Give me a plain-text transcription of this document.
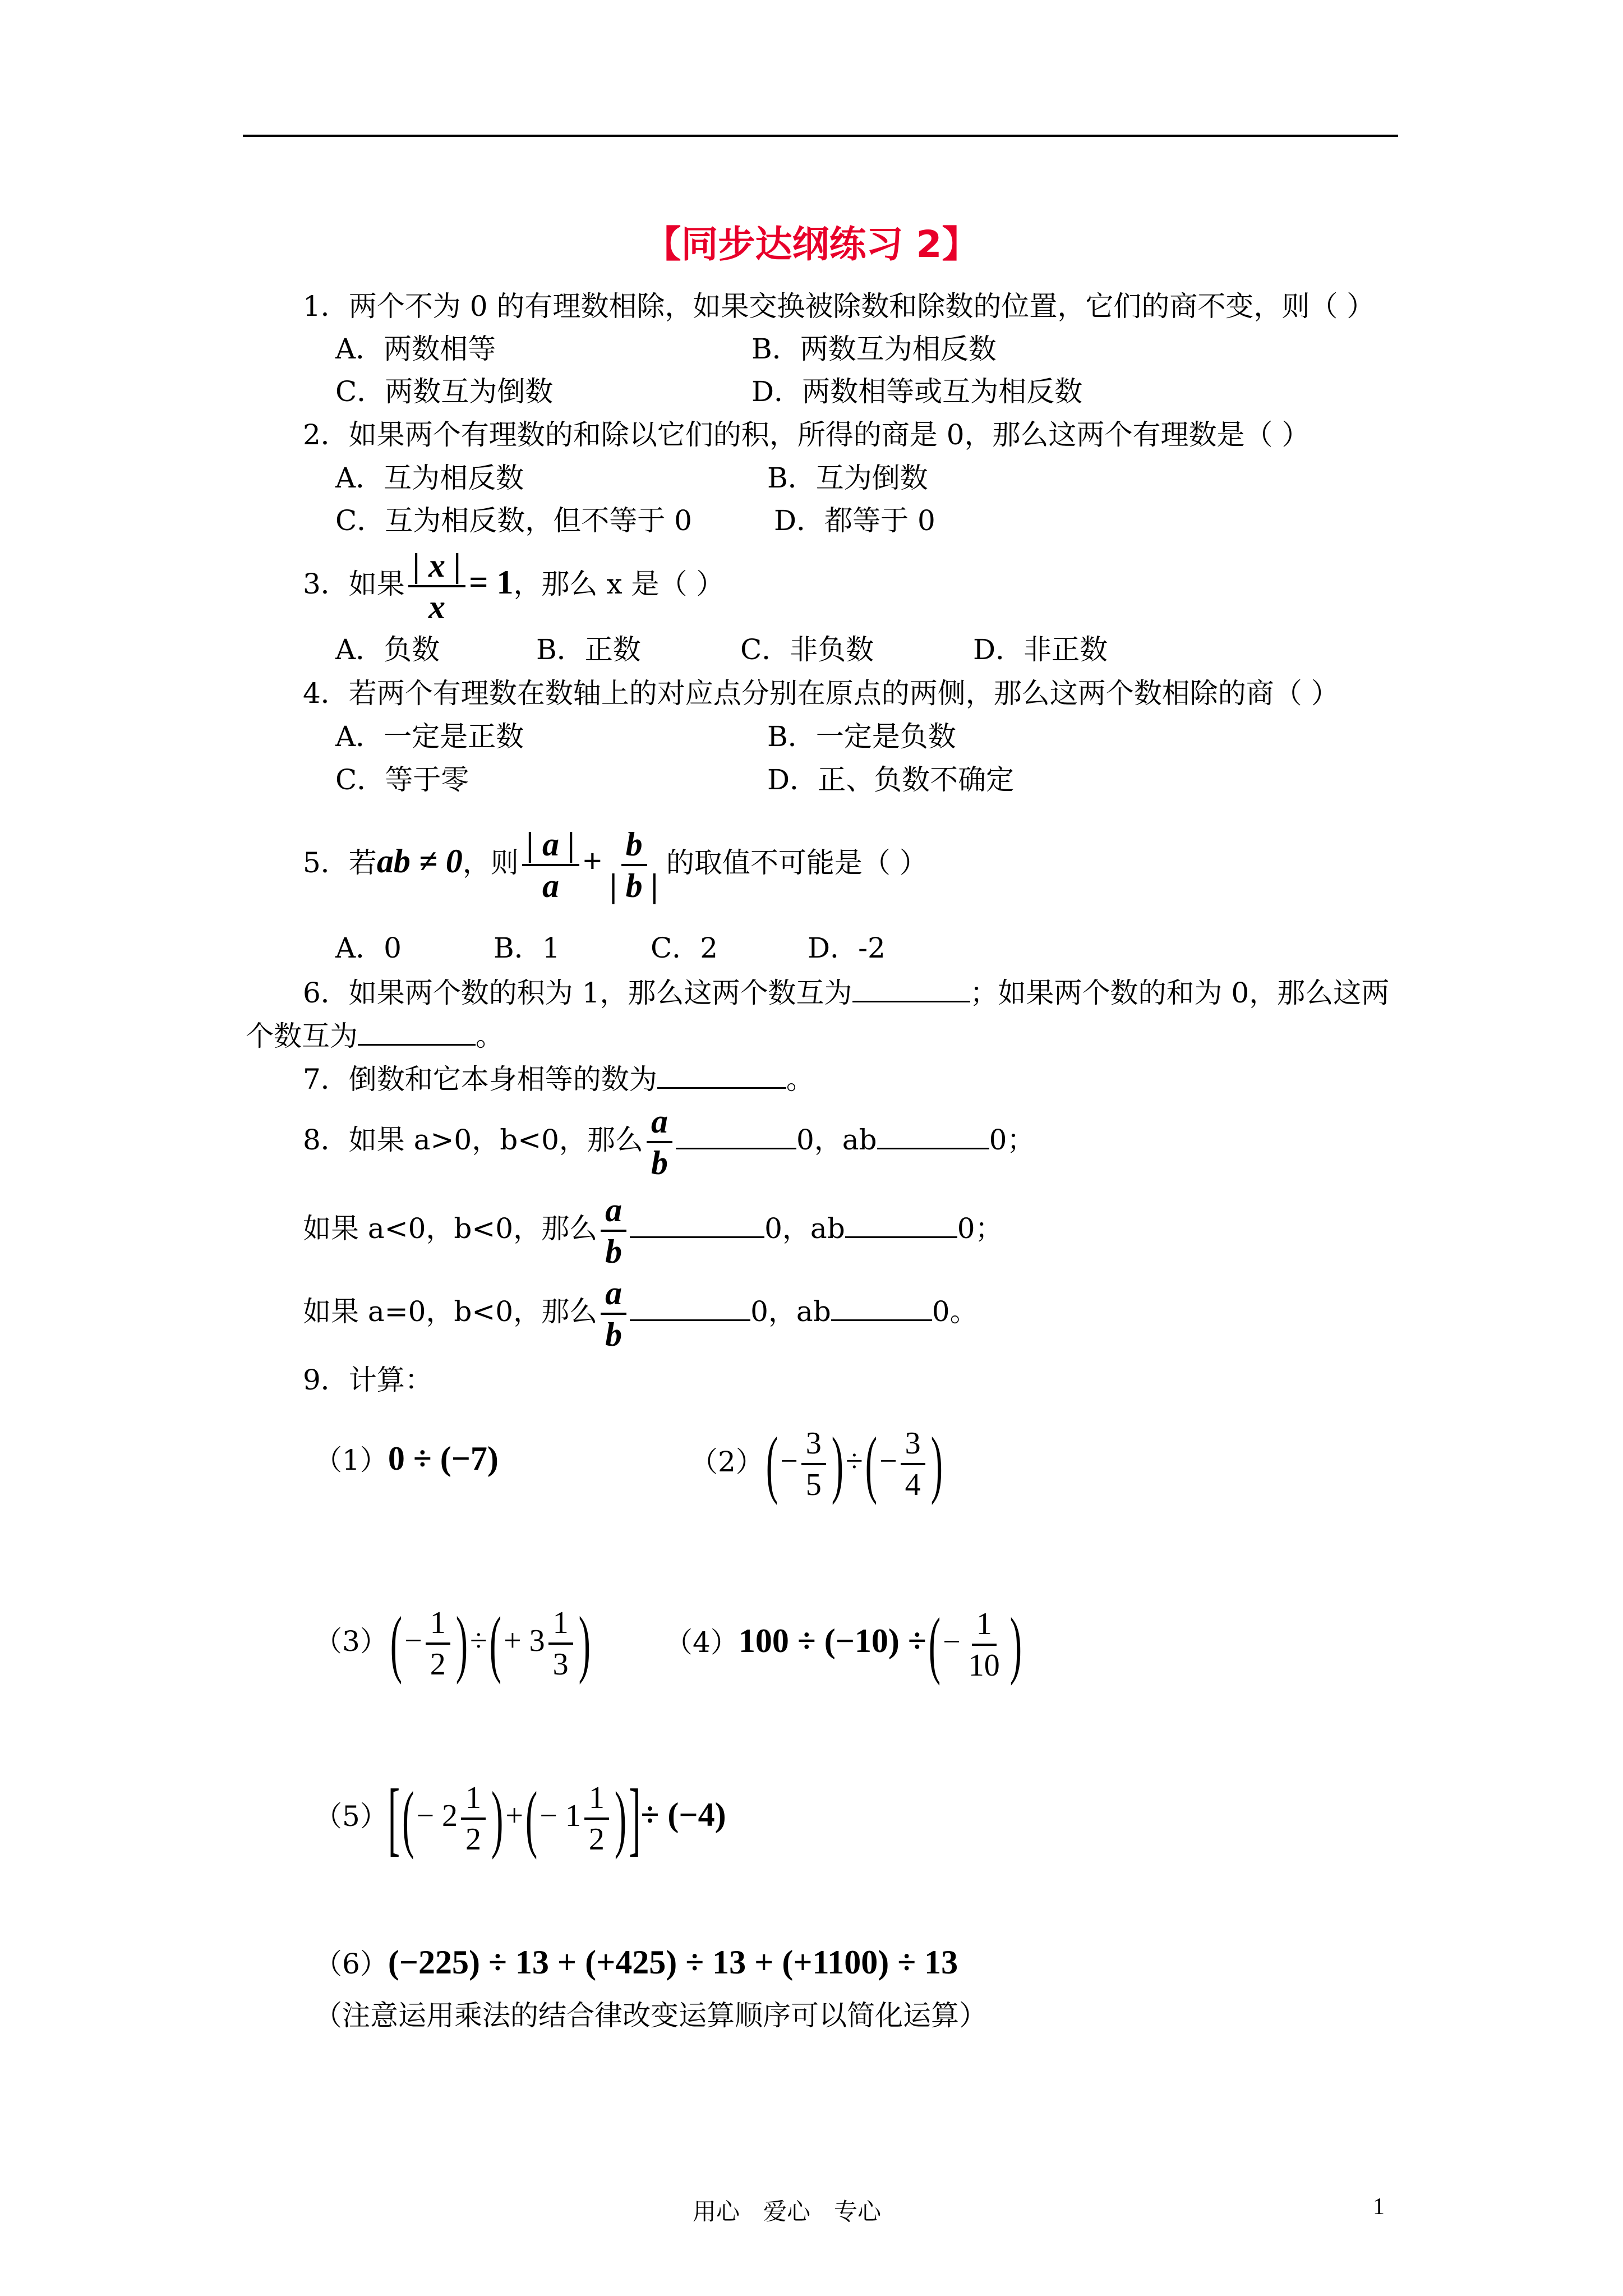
【同步达纲练习 2】
1．两个不为 0 的有理数相除，如果交换被除数和除数的位置，它们的商不变，则（ ）
A．两数相等	B．两数互为相反数
C．两数互为倒数	D．两数相等或互为相反数
2．如果两个有理数的和除以它们的积，所得的商是 0，那么这两个有理数是（ ）
A．互为相反数	B．互为倒数
C．互为相反数，但不等于 0	D．都等于 0
3．如果 $\frac{| x |}{x} = 1$，那么 x 是（ ）
A．负数	B．正数	C．非负数	D．非正数
4．若两个有理数在数轴上的对应点分别在原点的两侧，那么这两个数相除的商（ ）
A．一定是正数	B．一定是负数
C．等于零	D．正、负数不确定
5．若ab ≠ 0，则 $\frac{| a |}{a} + \frac{b}{| b |}$ 的取值不可能是（ ）
A．0	B．1	C．2	D．-2
6．如果两个数的积为 1，那么这两个数互为	；如果两个数的和为 0，那么这两
个数互为	。
7．倒数和它本身相等的数为	。
8．如果 a>0，b<0，那么 $\frac{a}{b}$	0，ab	0；
如果 a<0，b<0，那么 $\frac{a}{b}$	0，ab	0；
如果 a=0，b<0，那么 $\frac{a}{b}$	0，ab	0。
9．计算：
（1）0 ÷ (−7)	$(2)(- \frac{3}{5}$ )÷(− $\frac{3}{4}$ )
$(3)(- \frac{1}{2}$ )÷(+ $3 \frac{1}{3}$ )	（4）100 ÷ (−10) ÷(− $\frac{1}{10}$ )
$(5)[(- 2 \frac{1}{2}$ )+(− $1 \frac{1}{2}$ )]÷ (−4)
（6）(−225) ÷ 13 + (+425) ÷ 13 + (+1100) ÷ 13
（注意运用乘法的结合律改变运算顺序可以简化运算）
用心　爱心　专心	1
